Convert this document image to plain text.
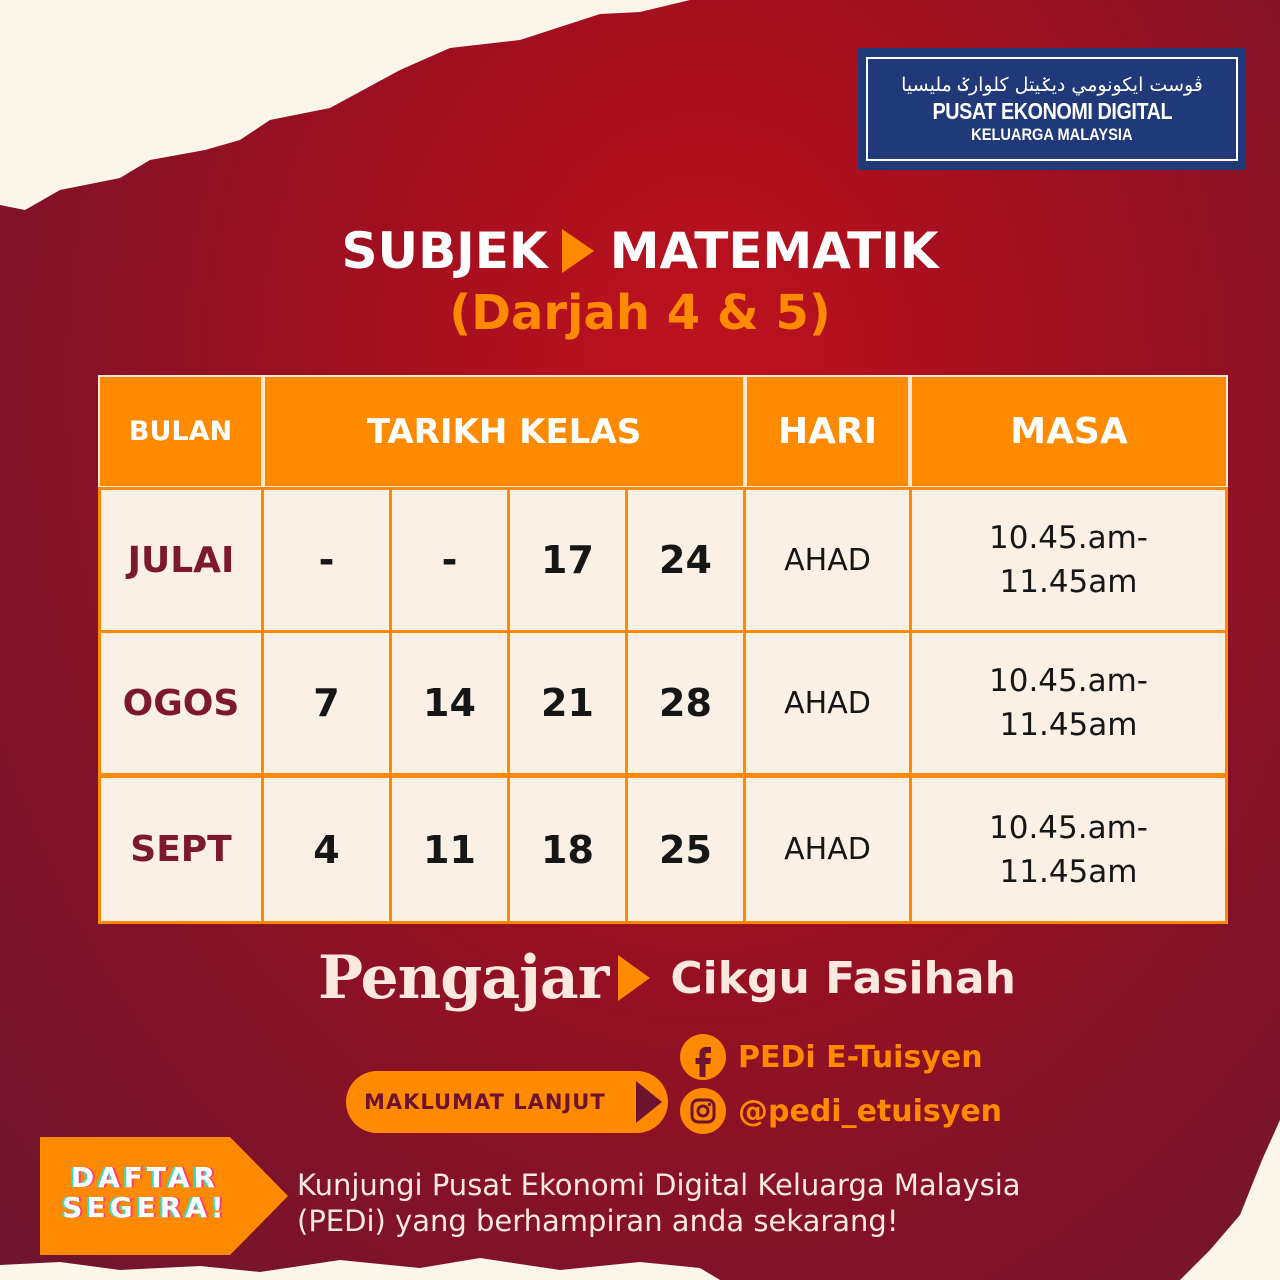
ڤوست ايكونومي ديݢيتل کلوارݢ مليسيا
PUSAT EKONOMI DIGITAL
KELUARGA MALAYSIA
SUBJEK MATEMATIK
(Darjah 4 & 5)
BULAN	TARIKH KELAS	HARI	MASA
JULAI	-	-	17	24	AHAD
10.45.am-
11.45am
OGOS	7	14	21	28	AHAD
10.45.am-
11.45am
SEPT	4	11	18	25	AHAD
10.45.am-
11.45am
Pengajar Cikgu Fasihah
PEDi E-Tuisyen
@pedi_etuisyen
MAKLUMAT LANJUT
DAFTAR
SEGERA!
Kunjungi Pusat Ekonomi Digital Keluarga Malaysia
(PEDi) yang berhampiran anda sekarang!
